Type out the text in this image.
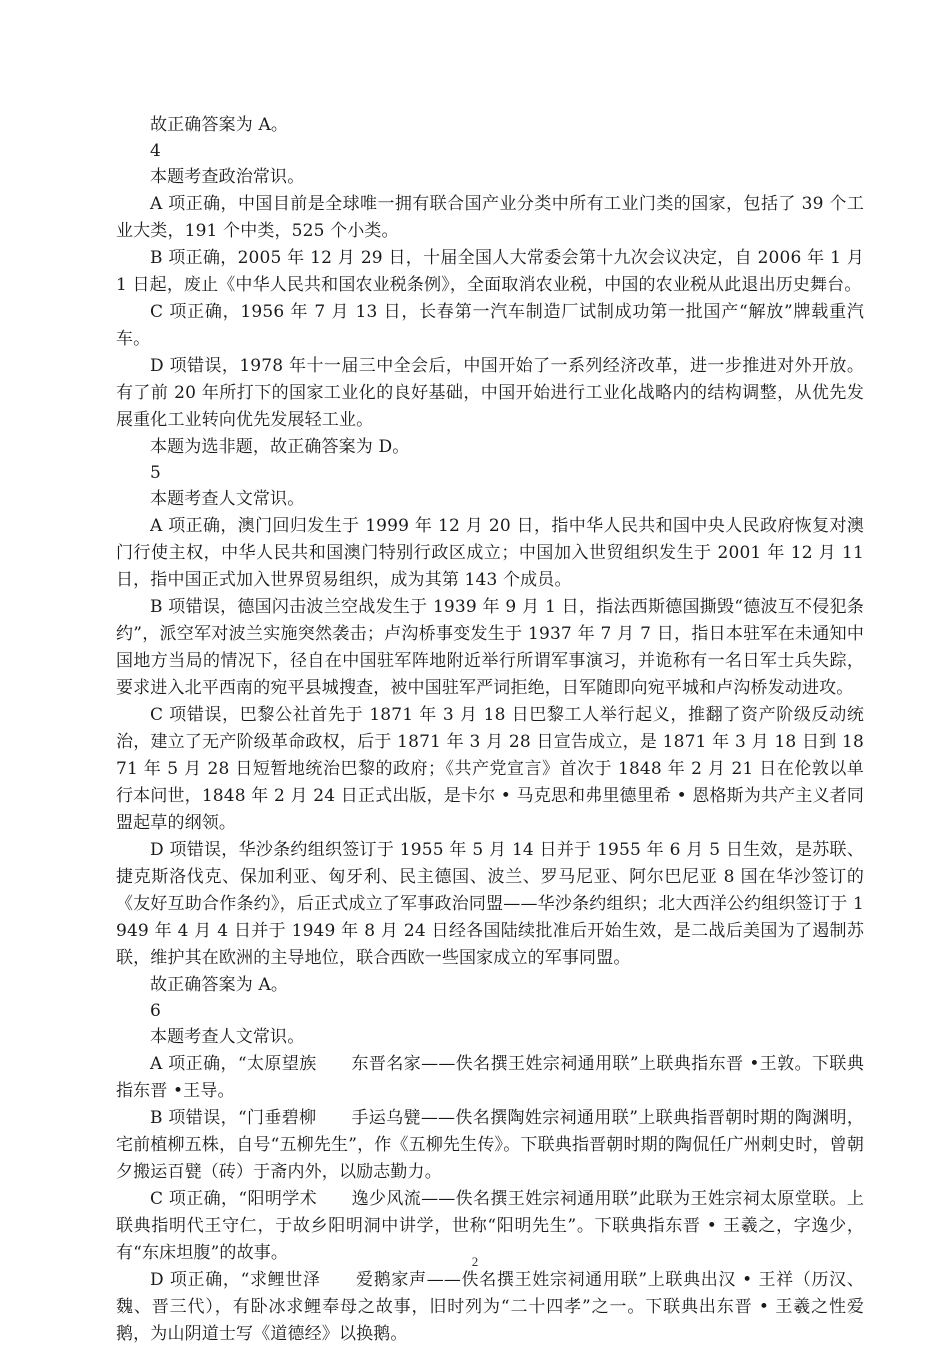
故正确答案为 A。

4

本题考查政治常识。

A 项正确，中国目前是全球唯一拥有联合国产业分类中所有工业门类的国家，包括了 39 个工业大类，191 个中类，525 个小类。

B 项正确，2005 年 12 月 29 日，十届全国人大常委会第十九次会议决定，自 2006 年 1 月 1 日起，废止《中华人民共和国农业税条例》，全面取消农业税，中国的农业税从此退出历史舞台。

C 项正确，1956 年 7 月 13 日，长春第一汽车制造厂试制成功第一批国产“解放”牌载重汽车。

D 项错误，1978 年十一届三中全会后，中国开始了一系列经济改革，进一步推进对外开放。有了前 20 年所打下的国家工业化的良好基础，中国开始进行工业化战略内的结构调整，从优先发展重化工业转向优先发展轻工业。

本题为选非题，故正确答案为 D。

5

本题考查人文常识。

A 项正确，澳门回归发生于 1999 年 12 月 20 日，指中华人民共和国中央人民政府恢复对澳门行使主权，中华人民共和国澳门特别行政区成立；中国加入世贸组织发生于 2001 年 12 月 11 日，指中国正式加入世界贸易组织，成为其第 143 个成员。

B 项错误，德国闪击波兰空战发生于 1939 年 9 月 1 日，指法西斯德国撕毁“德波互不侵犯条约”，派空军对波兰实施突然袭击；卢沟桥事变发生于 1937 年 7 月 7 日，指日本驻军在未通知中国地方当局的情况下，径自在中国驻军阵地附近举行所谓军事演习，并诡称有一名日军士兵失踪，要求进入北平西南的宛平县城搜查，被中国驻军严词拒绝，日军随即向宛平城和卢沟桥发动进攻。

C 项错误，巴黎公社首先于 1871 年 3 月 18 日巴黎工人举行起义，推翻了资产阶级反动统治，建立了无产阶级革命政权，后于 1871 年 3 月 28 日宣告成立，是 1871 年 3 月 18 日到 1871 年 5 月 28 日短暂地统治巴黎的政府；《共产党宣言》首次于 1848 年 2 月 21 日在伦敦以单行本问世，1848 年 2 月 24 日正式出版，是卡尔 • 马克思和弗里德里希 • 恩格斯为共产主义者同盟起草的纲领。

D 项错误，华沙条约组织签订于 1955 年 5 月 14 日并于 1955 年 6 月 5 日生效，是苏联、捷克斯洛伐克、保加利亚、匈牙利、民主德国、波兰、罗马尼亚、阿尔巴尼亚 8 国在华沙签订的《友好互助合作条约》，后正式成立了军事政治同盟——华沙条约组织；北大西洋公约组织签订于 1949 年 4 月 4 日并于 1949 年 8 月 24 日经各国陆续批准后开始生效，是二战后美国为了遏制苏联，维护其在欧洲的主导地位，联合西欧一些国家成立的军事同盟。

故正确答案为 A。

6

本题考查人文常识。

A 项正确，“太原望族　　东晋名家——佚名撰王姓宗祠通用联”上联典指东晋 •王敦。下联典指东晋 •王导。

B 项错误，“门垂碧柳　　手运乌甓——佚名撰陶姓宗祠通用联”上联典指晋朝时期的陶渊明，宅前植柳五株，自号“五柳先生”，作《五柳先生传》。下联典指晋朝时期的陶侃任广州刺史时，曾朝夕搬运百甓（砖）于斋内外，以励志勤力。

C 项正确，“阳明学术　　逸少风流——佚名撰王姓宗祠通用联”此联为王姓宗祠太原堂联。上联典指明代王守仁，于故乡阳明洞中讲学，世称“阳明先生”。下联典指东晋 • 王羲之，字逸少，有“东床坦腹”的故事。

D 项正确，“求鲤世泽　　爱鹅家声——佚名撰王姓宗祠通用联”上联典出汉 • 王祥（历汉、魏、晋三代），有卧冰求鲤奉母之故事，旧时列为“二十四孝”之一。下联典出东晋 • 王羲之性爱鹅，为山阴道士写《道德经》以换鹅。

2
